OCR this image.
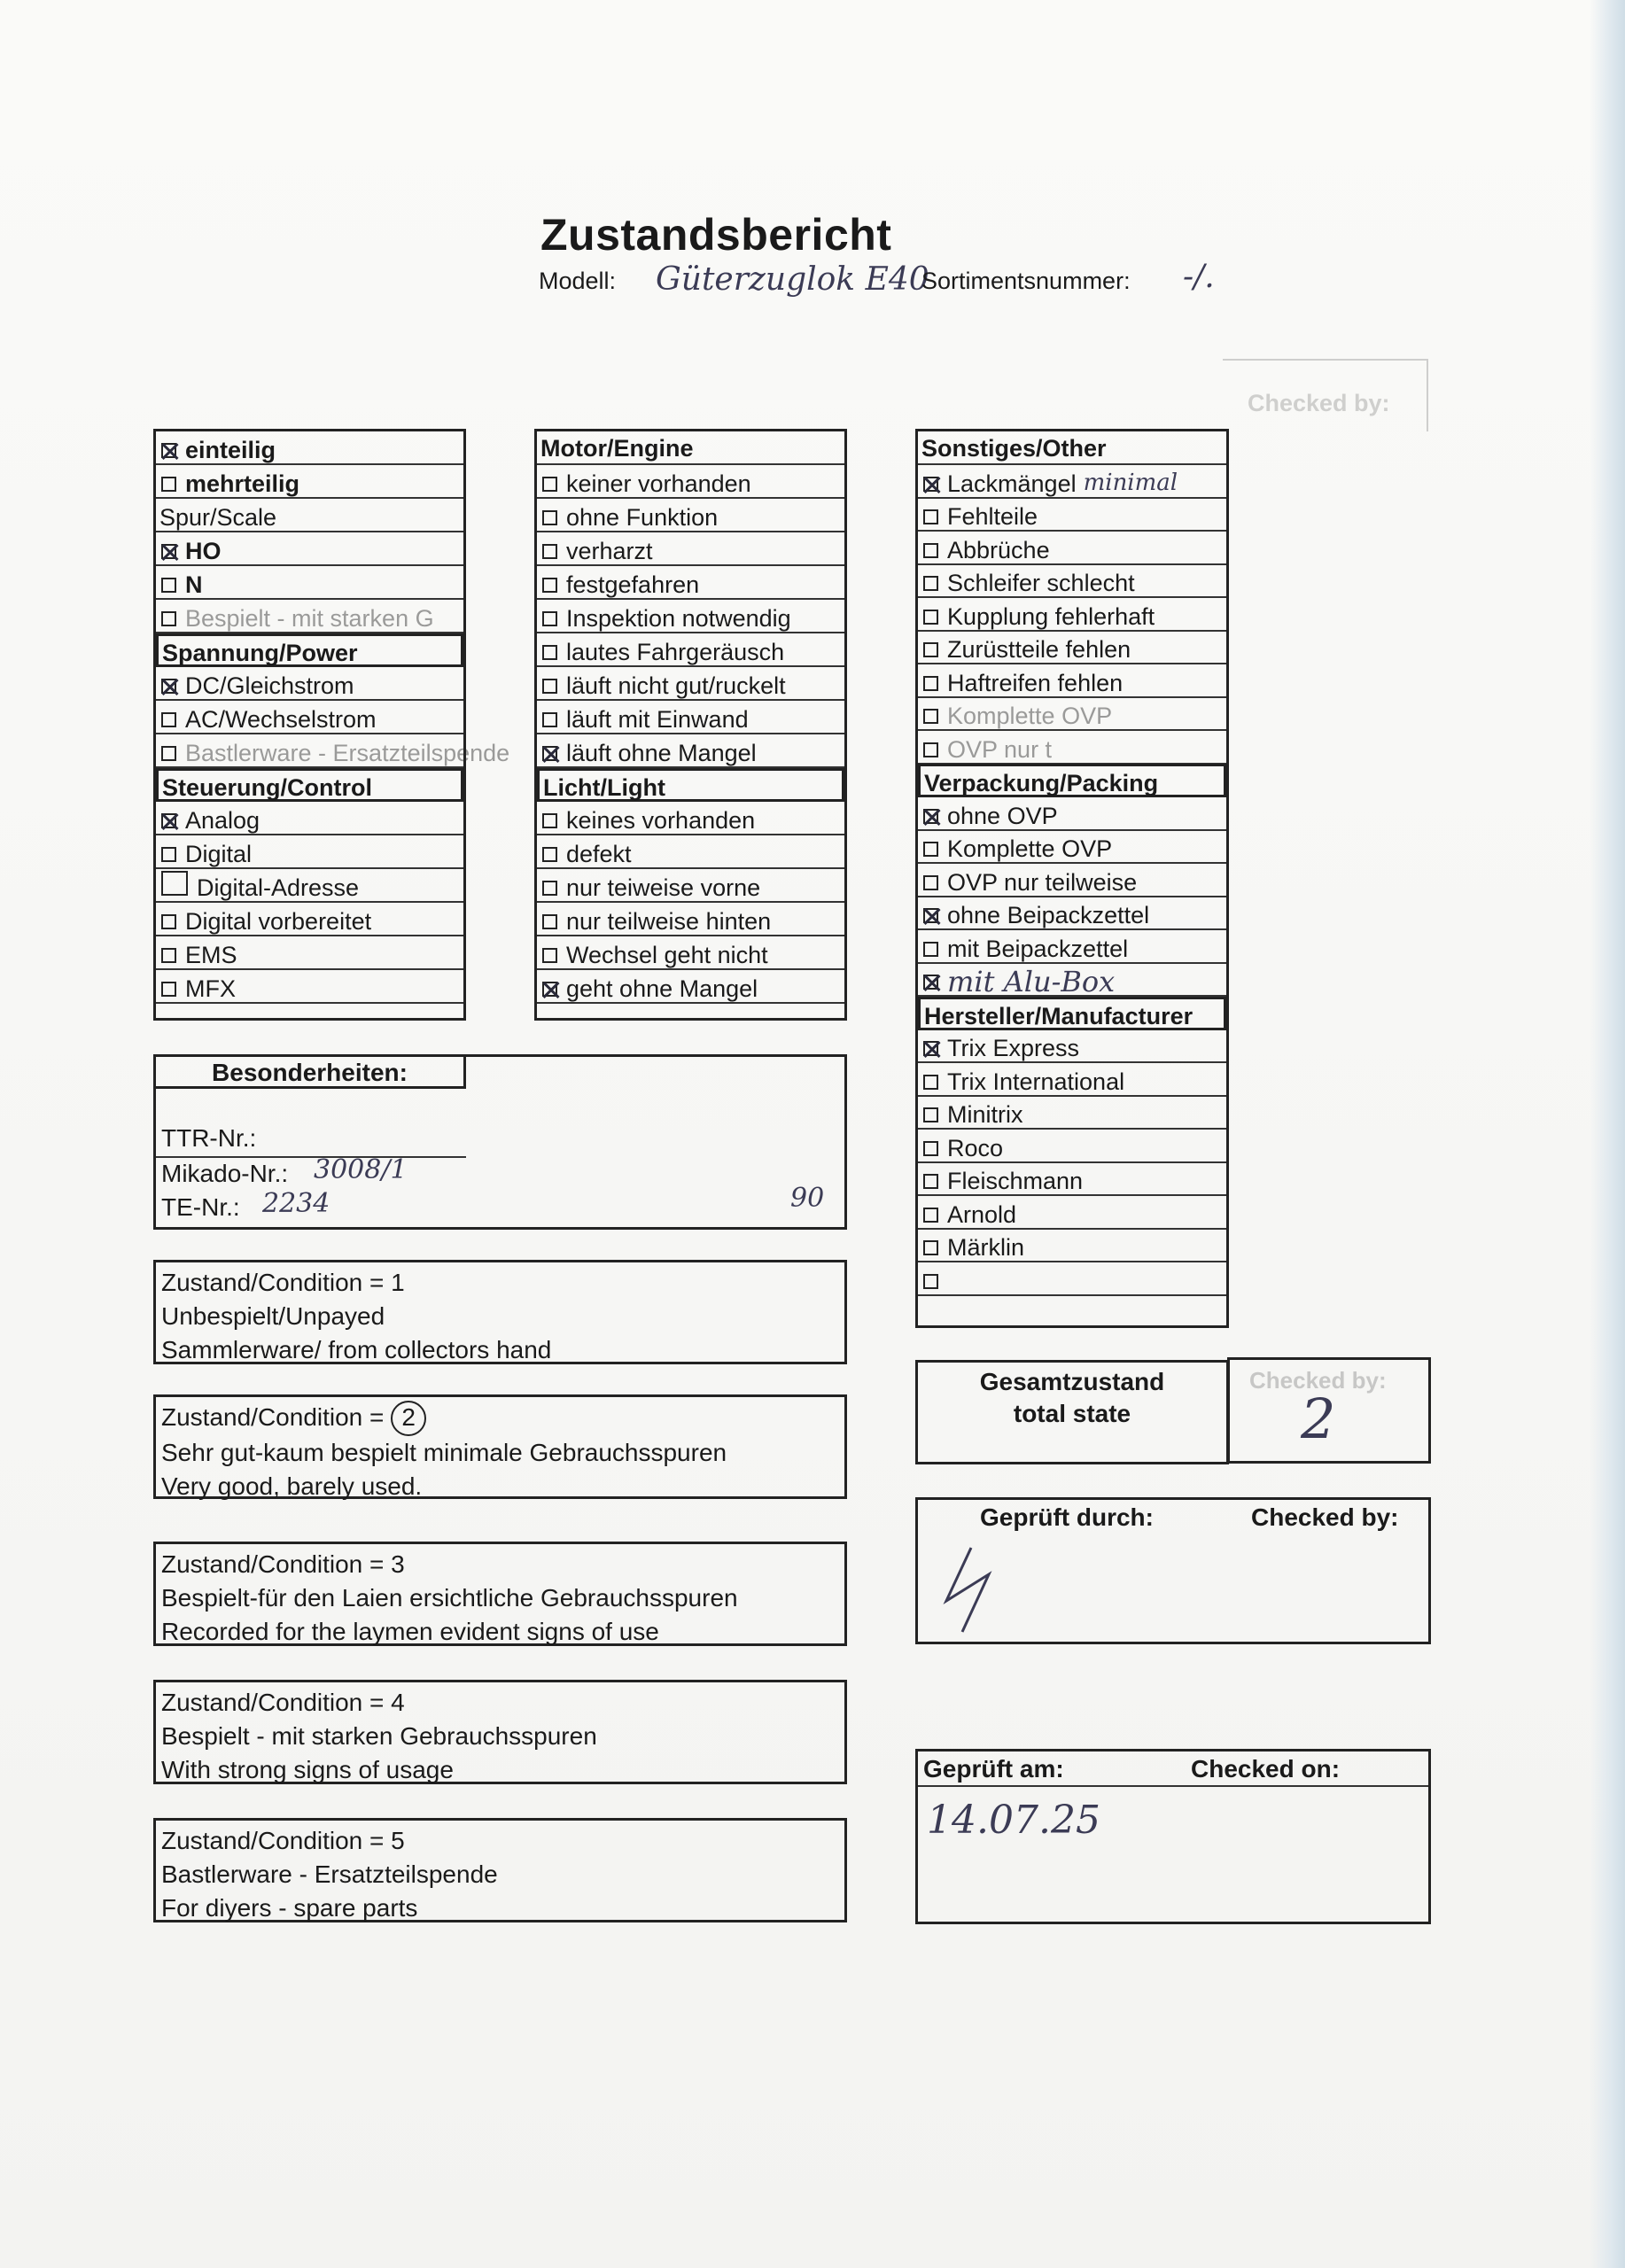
Checked by:
Zustandsbericht
Modell: Güterzuglok E40
Sortimentsnummer: -/.
einteilig
mehrteilig
Spur/Scale
HO
N
Bespielt - mit starken G
Spannung/Power
DC/Gleichstrom
AC/Wechselstrom
Bastlerware - Ersatzteilspende
Steuerung/Control
Analog
Digital
Digital-Adresse
Digital vorbereitet
EMS
MFX
Motor/Engine
keiner vorhanden
ohne Funktion
verharzt
festgefahren
Inspektion notwendig
lautes Fahrgeräusch
läuft nicht gut/ruckelt
läuft mit Einwand
läuft ohne Mangel
Licht/Light
keines vorhanden
defekt
nur teiweise vorne
nur teilweise hinten
Wechsel geht nicht
geht ohne Mangel
Sonstiges/Other
Lackmängel minimal
Fehlteile
Abbrüche
Schleifer schlecht
Kupplung fehlerhaft
Zurüstteile fehlen
Haftreifen fehlen
Komplette OVP
OVP nur t
Verpackung/Packing
ohne OVP
Komplette OVP
OVP nur teilweise
ohne Beipackzettel
mit Beipackzettel
mit Alu-Box
Hersteller/Manufacturer
Trix Express
Trix International
Minitrix
Roco
Fleischmann
Arnold
Märklin
Besonderheiten:
TTR-Nr.:
Mikado-Nr.: 3008/1
TE-Nr.: 2234	90
Zustand/Condition = 1
Unbespielt/Unpayed
Sammlerware/ from collectors hand
Zustand/Condition = 2
Sehr gut-kaum bespielt minimale Gebrauchsspuren
Very good, barely used.
Zustand/Condition = 3
Bespielt-für den Laien ersichtliche Gebrauchsspuren
Recorded for the laymen evident signs of use
Zustand/Condition = 4
Bespielt - mit starken Gebrauchsspuren
With strong signs of usage
Zustand/Condition = 5
Bastlerware - Ersatzteilspende
For diyers - spare parts
Gesamtzustand
total state
Checked by:
2
Geprüft durch:	Checked by:
Geprüft am:	Checked on:
14.07.25
